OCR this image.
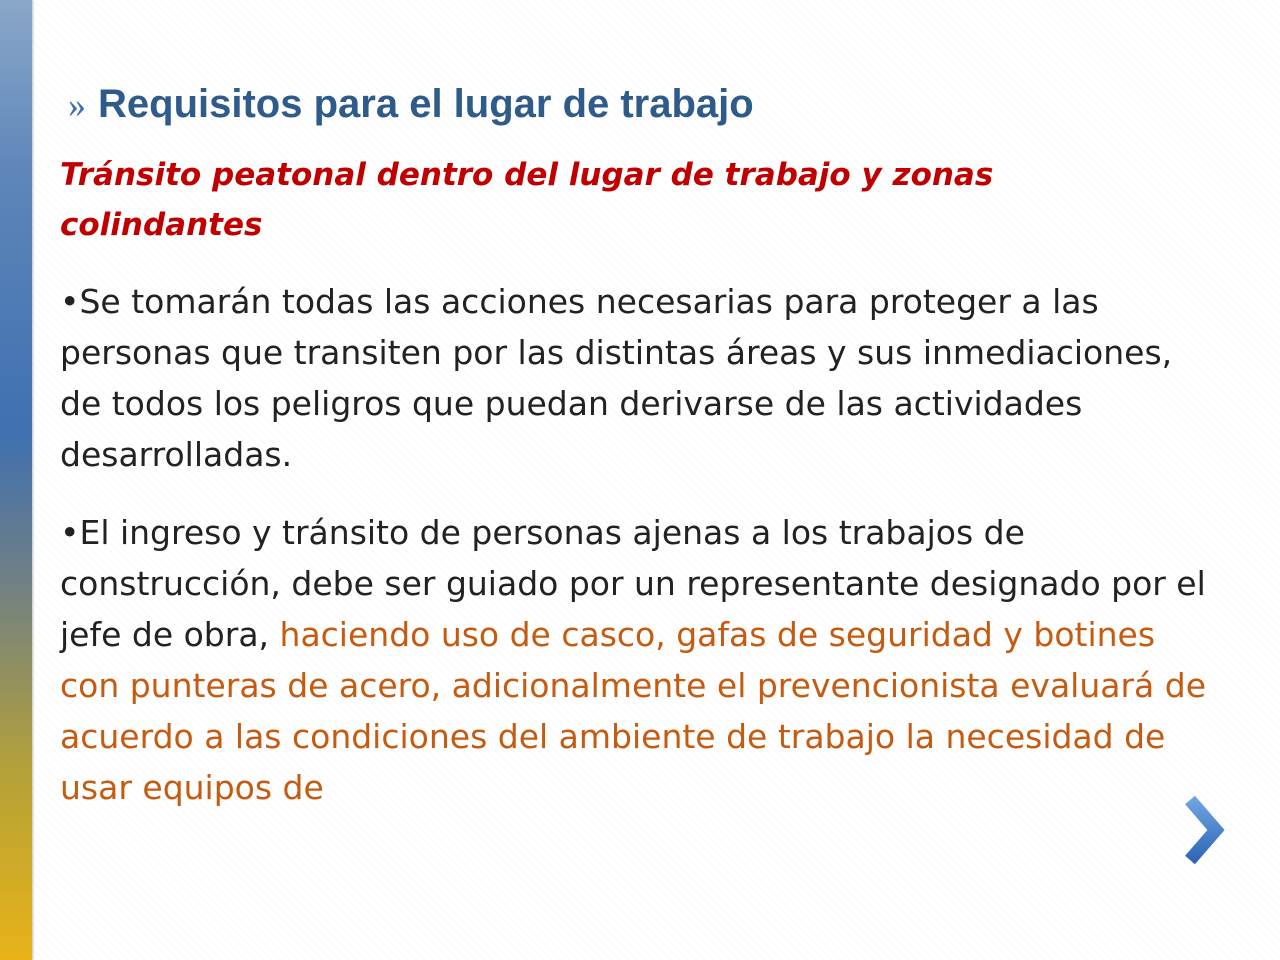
» Requisitos para el lugar de trabajo

Tránsito peatonal dentro del lugar de trabajo y zonas colindantes

•Se tomarán todas las acciones necesarias para proteger a las personas que transiten por las distintas áreas y sus inmediaciones, de todos los peligros que puedan derivarse de las actividades desarrolladas.

•El ingreso y tránsito de personas ajenas a los trabajos de construcción, debe ser guiado por un representante designado por el jefe de obra, haciendo uso de casco, gafas de seguridad y botines con punteras de acero, adicionalmente el prevencionista evaluará de acuerdo a las condiciones del ambiente de trabajo la necesidad de usar equipos de
